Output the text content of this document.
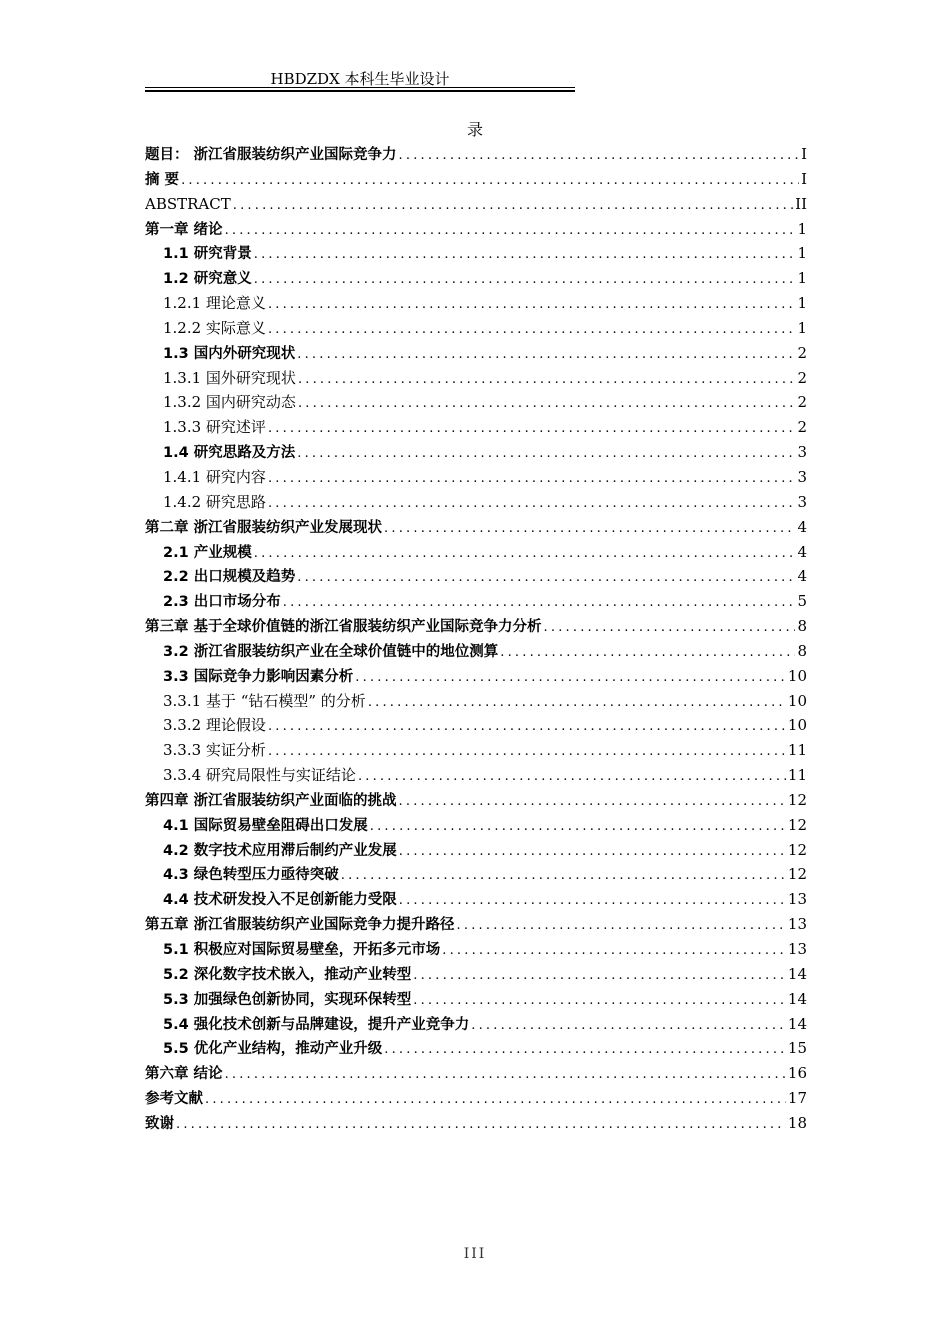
HBDZDX 本科生毕业设计
录
题目： 浙江省服装纺织产业国际竞争力 .....	I
摘 要 .....	I
ABSTRACT .....	II
第一章 绪论 .....	1
1.1 研究背景 .....	1
1.2 研究意义 .....	1
1.2.1 理论意义 .....	1
1.2.2 实际意义 .....	1
1.3 国内外研究现状 .....	2
1.3.1 国外研究现状 .....	2
1.3.2 国内研究动态 .....	2
1.3.3 研究述评 .....	2
1.4 研究思路及方法 .....	3
1.4.1 研究内容 .....	3
1.4.2 研究思路 .....	3
第二章 浙江省服装纺织产业发展现状 .....	4
2.1 产业规模 .....	4
2.2 出口规模及趋势 .....	4
2.3 出口市场分布 .....	5
第三章 基于全球价值链的浙江省服装纺织产业国际竞争力分析 .....	8
3.2 浙江省服装纺织产业在全球价值链中的地位测算 .....	8
3.3 国际竞争力影响因素分析 .....	10
3.3.1 基于 “钻石模型” 的分析 .....	10
3.3.2 理论假设 .....	10
3.3.3 实证分析 .....	11
3.3.4 研究局限性与实证结论 .....	11
第四章 浙江省服装纺织产业面临的挑战 .....	12
4.1 国际贸易壁垒阻碍出口发展 .....	12
4.2 数字技术应用滞后制约产业发展 .....	12
4.3 绿色转型压力亟待突破 .....	12
4.4 技术研发投入不足创新能力受限 .....	13
第五章 浙江省服装纺织产业国际竞争力提升路径 .....	13
5.1 积极应对国际贸易壁垒，开拓多元市场 .....	13
5.2 深化数字技术嵌入，推动产业转型 .....	14
5.3 加强绿色创新协同，实现环保转型 .....	14
5.4 强化技术创新与品牌建设，提升产业竞争力 .....	14
5.5 优化产业结构，推动产业升级 .....	15
第六章 结论 .....	16
参考文献 .....	17
致谢 .....	18
III
